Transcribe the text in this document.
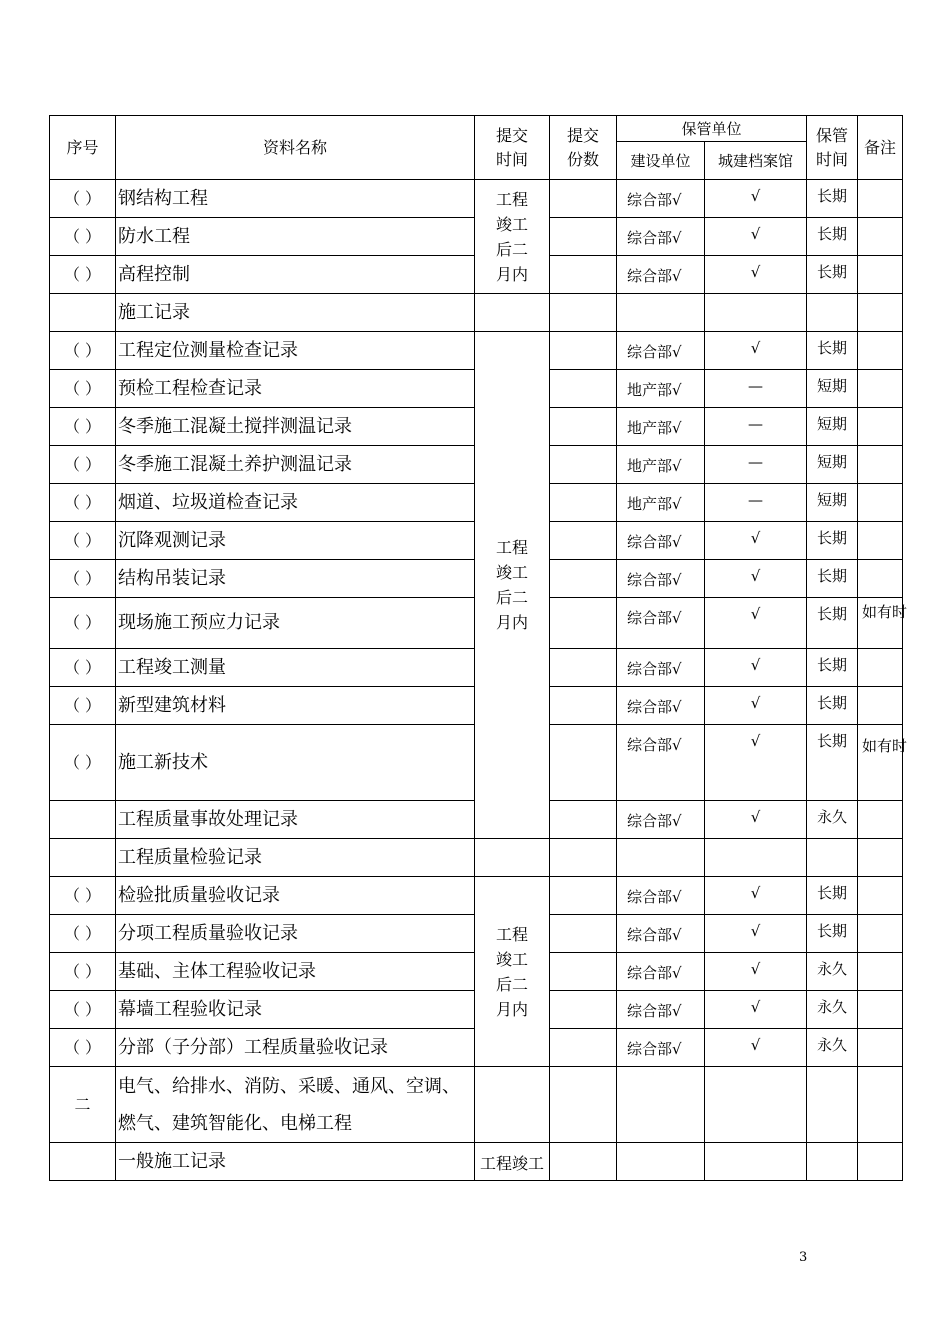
序号	资料名称	提交时间	提交份数	保管单位		保管时间	备注
				建设单位	城建档案馆		
（ ）	钢结构工程	工程竣工后二月内		综合部√	√	长期	
（ ）	防水工程			综合部√	√	长期	
（ ）	高程控制			综合部√	√	长期	
	施工记录						
（ ）	工程定位测量检查记录	工程竣工后二月内		综合部√	√	长期	
（ ）	预检工程检查记录			地产部√	—	短期	
（ ）	冬季施工混凝土搅拌测温记录			地产部√	—	短期	
（ ）	冬季施工混凝土养护测温记录			地产部√	—	短期	
（ ）	烟道、垃圾道检查记录			地产部√	—	短期	
（ ）	沉降观测记录			综合部√	√	长期	
（ ）	结构吊装记录			综合部√	√	长期	
（ ）	现场施工预应力记录			综合部√	√	长期	如有时
（ ）	工程竣工测量			综合部√	√	长期	
（ ）	新型建筑材料			综合部√	√	长期	
（ ）	施工新技术			综合部√	√	长期	如有时
	工程质量事故处理记录			综合部√	√	永久	
	工程质量检验记录						
（ ）	检验批质量验收记录	工程竣工后二月内		综合部√	√	长期	
（ ）	分项工程质量验收记录			综合部√	√	长期	
（ ）	基础、主体工程验收记录			综合部√	√	永久	
（ ）	幕墙工程验收记录			综合部√	√	永久	
（ ）	分部（子分部）工程质量验收记录			综合部√	√	永久	
二	电气、给排水、消防、采暖、通风、空调、燃气、建筑智能化、电梯工程						
	一般施工记录	工程竣工					
3
